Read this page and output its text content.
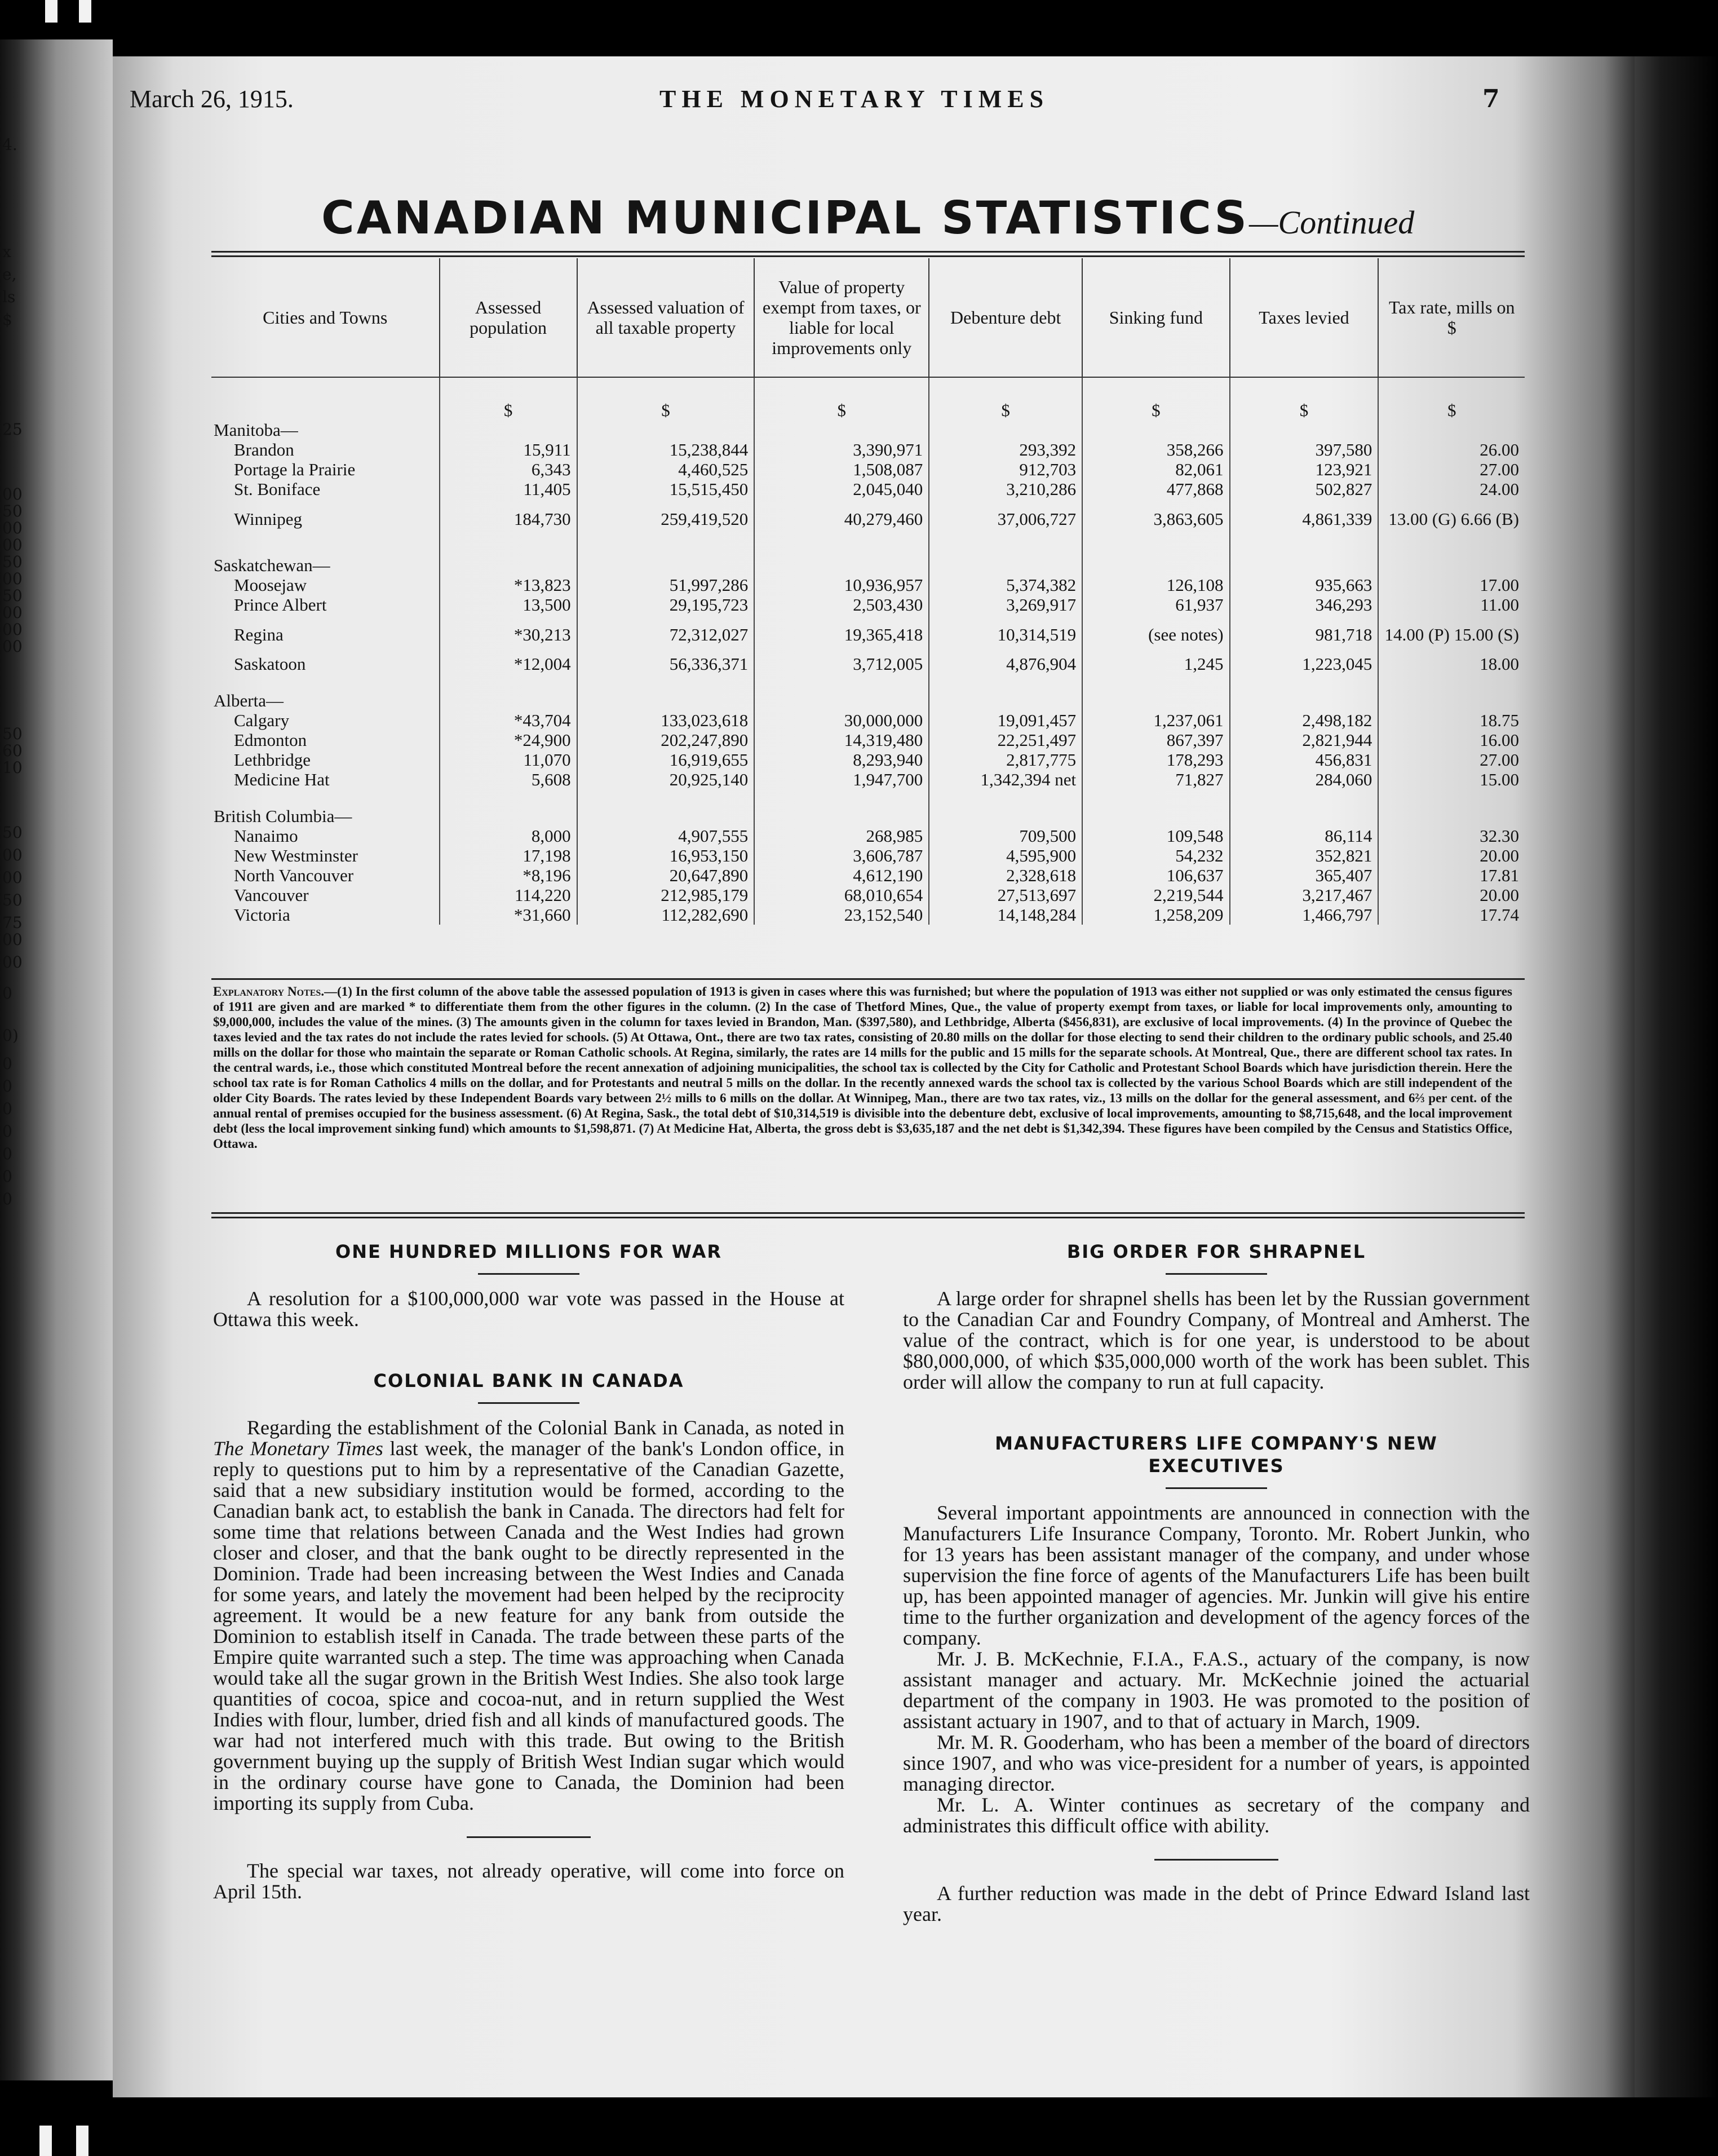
March 26, 1915.	THE MONETARY TIMES	7
CANADIAN MUNICIPAL STATISTICS—Continued
Cities and Towns	Assessed population	Assessed valuation of all taxable property	Value of property exempt from taxes, or liable for local improvements only	Debenture debt	Sinking fund	Taxes levied	Tax rate, mills on $
	$	$	$	$	$	$	$
Manitoba—							
Brandon	15,911	15,238,844	3,390,971	293,392	358,266	397,580	26.00
Portage la Prairie	6,343	4,460,525	1,508,087	912,703	82,061	123,921	27.00
St. Boniface	11,405	15,515,450	2,045,040	3,210,286	477,868	502,827	24.00
Winnipeg	184,730	259,419,520	40,279,460	37,006,727	3,863,605	4,861,339	13.00 (G) 6.66 (B)

Saskatchewan—							
Moosejaw	*13,823	51,997,286	10,936,957	5,374,382	126,108	935,663	17.00
Prince Albert	13,500	29,195,723	2,503,430	3,269,917	61,937	346,293	11.00
Regina	*30,213	72,312,027	19,365,418	10,314,519	(see notes)	981,718	14.00 (P) 15.00 (S)
Saskatoon	*12,004	56,336,371	3,712,005	4,876,904	1,245	1,223,045	18.00

Alberta—							
Calgary	*43,704	133,023,618	30,000,000	19,091,457	1,237,061	2,498,182	18.75
Edmonton	*24,900	202,247,890	14,319,480	22,251,497	867,397	2,821,944	16.00
Lethbridge	11,070	16,919,655	8,293,940	2,817,775	178,293	456,831	27.00
Medicine Hat	5,608	20,925,140	1,947,700	1,342,394 net	71,827	284,060	15.00

British Columbia—							
Nanaimo	8,000	4,907,555	268,985	709,500	109,548	86,114	32.30
New Westminster	17,198	16,953,150	3,606,787	4,595,900	54,232	352,821	20.00
North Vancouver	*8,196	20,647,890	4,612,190	2,328,618	106,637	365,407	17.81
Vancouver	114,220	212,985,179	68,010,654	27,513,697	2,219,544	3,217,467	20.00
Victoria	*31,660	112,282,690	23,152,540	14,148,284	1,258,209	1,466,797	17.74
Explanatory Notes.—(1) In the first column of the above table the assessed population of 1913 is given in cases where this was furnished; but where the population of 1913 was either not supplied or was only estimated the census figures of 1911 are given and are marked * to differentiate them from the other figures in the column. (2) In the case of Thetford Mines, Que., the value of property exempt from taxes, or liable for local improvements only, amounting to $9,000,000, includes the value of the mines. (3) The amounts given in the column for taxes levied in Brandon, Man. ($397,580), and Lethbridge, Alberta ($456,831), are exclusive of local improvements. (4) In the province of Quebec the taxes levied and the tax rates do not include the rates levied for schools. (5) At Ottawa, Ont., there are two tax rates, consisting of 20.80 mills on the dollar for those electing to send their children to the ordinary public schools, and 25.40 mills on the dollar for those who maintain the separate or Roman Catholic schools. At Regina, similarly, the rates are 14 mills for the public and 15 mills for the separate schools. At Montreal, Que., there are different school tax rates. In the central wards, i.e., those which constituted Montreal before the recent annexation of adjoining municipalities, the school tax is collected by the City for Catholic and Protestant School Boards which have jurisdiction therein. Here the school tax rate is for Roman Catholics 4 mills on the dollar, and for Protestants and neutral 5 mills on the dollar. In the recently annexed wards the school tax is collected by the various School Boards which are still independent of the older City Boards. The rates levied by these Independent Boards vary between 2½ mills to 6 mills on the dollar. At Winnipeg, Man., there are two tax rates, viz., 13 mills on the dollar for the general assessment, and 6⅔ per cent. of the annual rental of premises occupied for the business assessment. (6) At Regina, Sask., the total debt of $10,314,519 is divisible into the debenture debt, exclusive of local improvements, amounting to $8,715,648, and the local improvement debt (less the local improvement sinking fund) which amounts to $1,598,871. (7) At Medicine Hat, Alberta, the gross debt is $3,635,187 and the net debt is $1,342,394. These figures have been compiled by the Census and Statistics Office, Ottawa.
ONE HUNDRED MILLIONS FOR WAR

A resolution for a $100,000,000 war vote was passed in the House at Ottawa this week.

COLONIAL BANK IN CANADA

Regarding the establishment of the Colonial Bank in Canada, as noted in The Monetary Times last week, the manager of the bank's London office, in reply to questions put to him by a representative of the Canadian Gazette, said that a new subsidiary institution would be formed, according to the Canadian bank act, to establish the bank in Canada. The directors had felt for some time that relations between Canada and the West Indies had grown closer and closer, and that the bank ought to be directly represented in the Dominion. Trade had been increasing between the West Indies and Canada for some years, and lately the movement had been helped by the reciprocity agreement. It would be a new feature for any bank from outside the Dominion to establish itself in Canada. The trade between these parts of the Empire quite warranted such a step. The time was approaching when Canada would take all the sugar grown in the British West Indies. She also took large quantities of cocoa, spice and cocoa-nut, and in return supplied the West Indies with flour, lumber, dried fish and all kinds of manufactured goods. The war had not interfered much with this trade. But owing to the British government buying up the supply of British West Indian sugar which would in the ordinary course have gone to Canada, the Dominion had been importing its supply from Cuba.

The special war taxes, not already operative, will come into force on April 15th.

BIG ORDER FOR SHRAPNEL

A large order for shrapnel shells has been let by the Russian government to the Canadian Car and Foundry Company, of Montreal and Amherst. The value of the contract, which is for one year, is understood to be about $80,000,000, of which $35,000,000 worth of the work has been sublet. This order will allow the company to run at full capacity.

MANUFACTURERS LIFE COMPANY'S NEW EXECUTIVES

Several important appointments are announced in connection with the Manufacturers Life Insurance Company, Toronto. Mr. Robert Junkin, who for 13 years has been assistant manager of the company, and under whose supervision the fine force of agents of the Manufacturers Life has been built up, has been appointed manager of agencies. Mr. Junkin will give his entire time to the further organization and development of the agency forces of the company.

Mr. J. B. McKechnie, F.I.A., F.A.S., actuary of the company, is now assistant manager and actuary. Mr. McKechnie joined the actuarial department of the company in 1903. He was promoted to the position of assistant actuary in 1907, and to that of actuary in March, 1909.

Mr. M. R. Gooderham, who has been a member of the board of directors since 1907, and who was vice-president for a number of years, is appointed managing director.

Mr. L. A. Winter continues as secretary of the company and administrates this difficult office with ability.

A further reduction was made in the debt of Prince Edward Island last year.

4.
x
e,
ls
$
25
00
50
00
00
50
00
50
00
00
00
50
60
10
50
00
00
50
75
00
00
0
0)
0
0
0
0
0
0
0
